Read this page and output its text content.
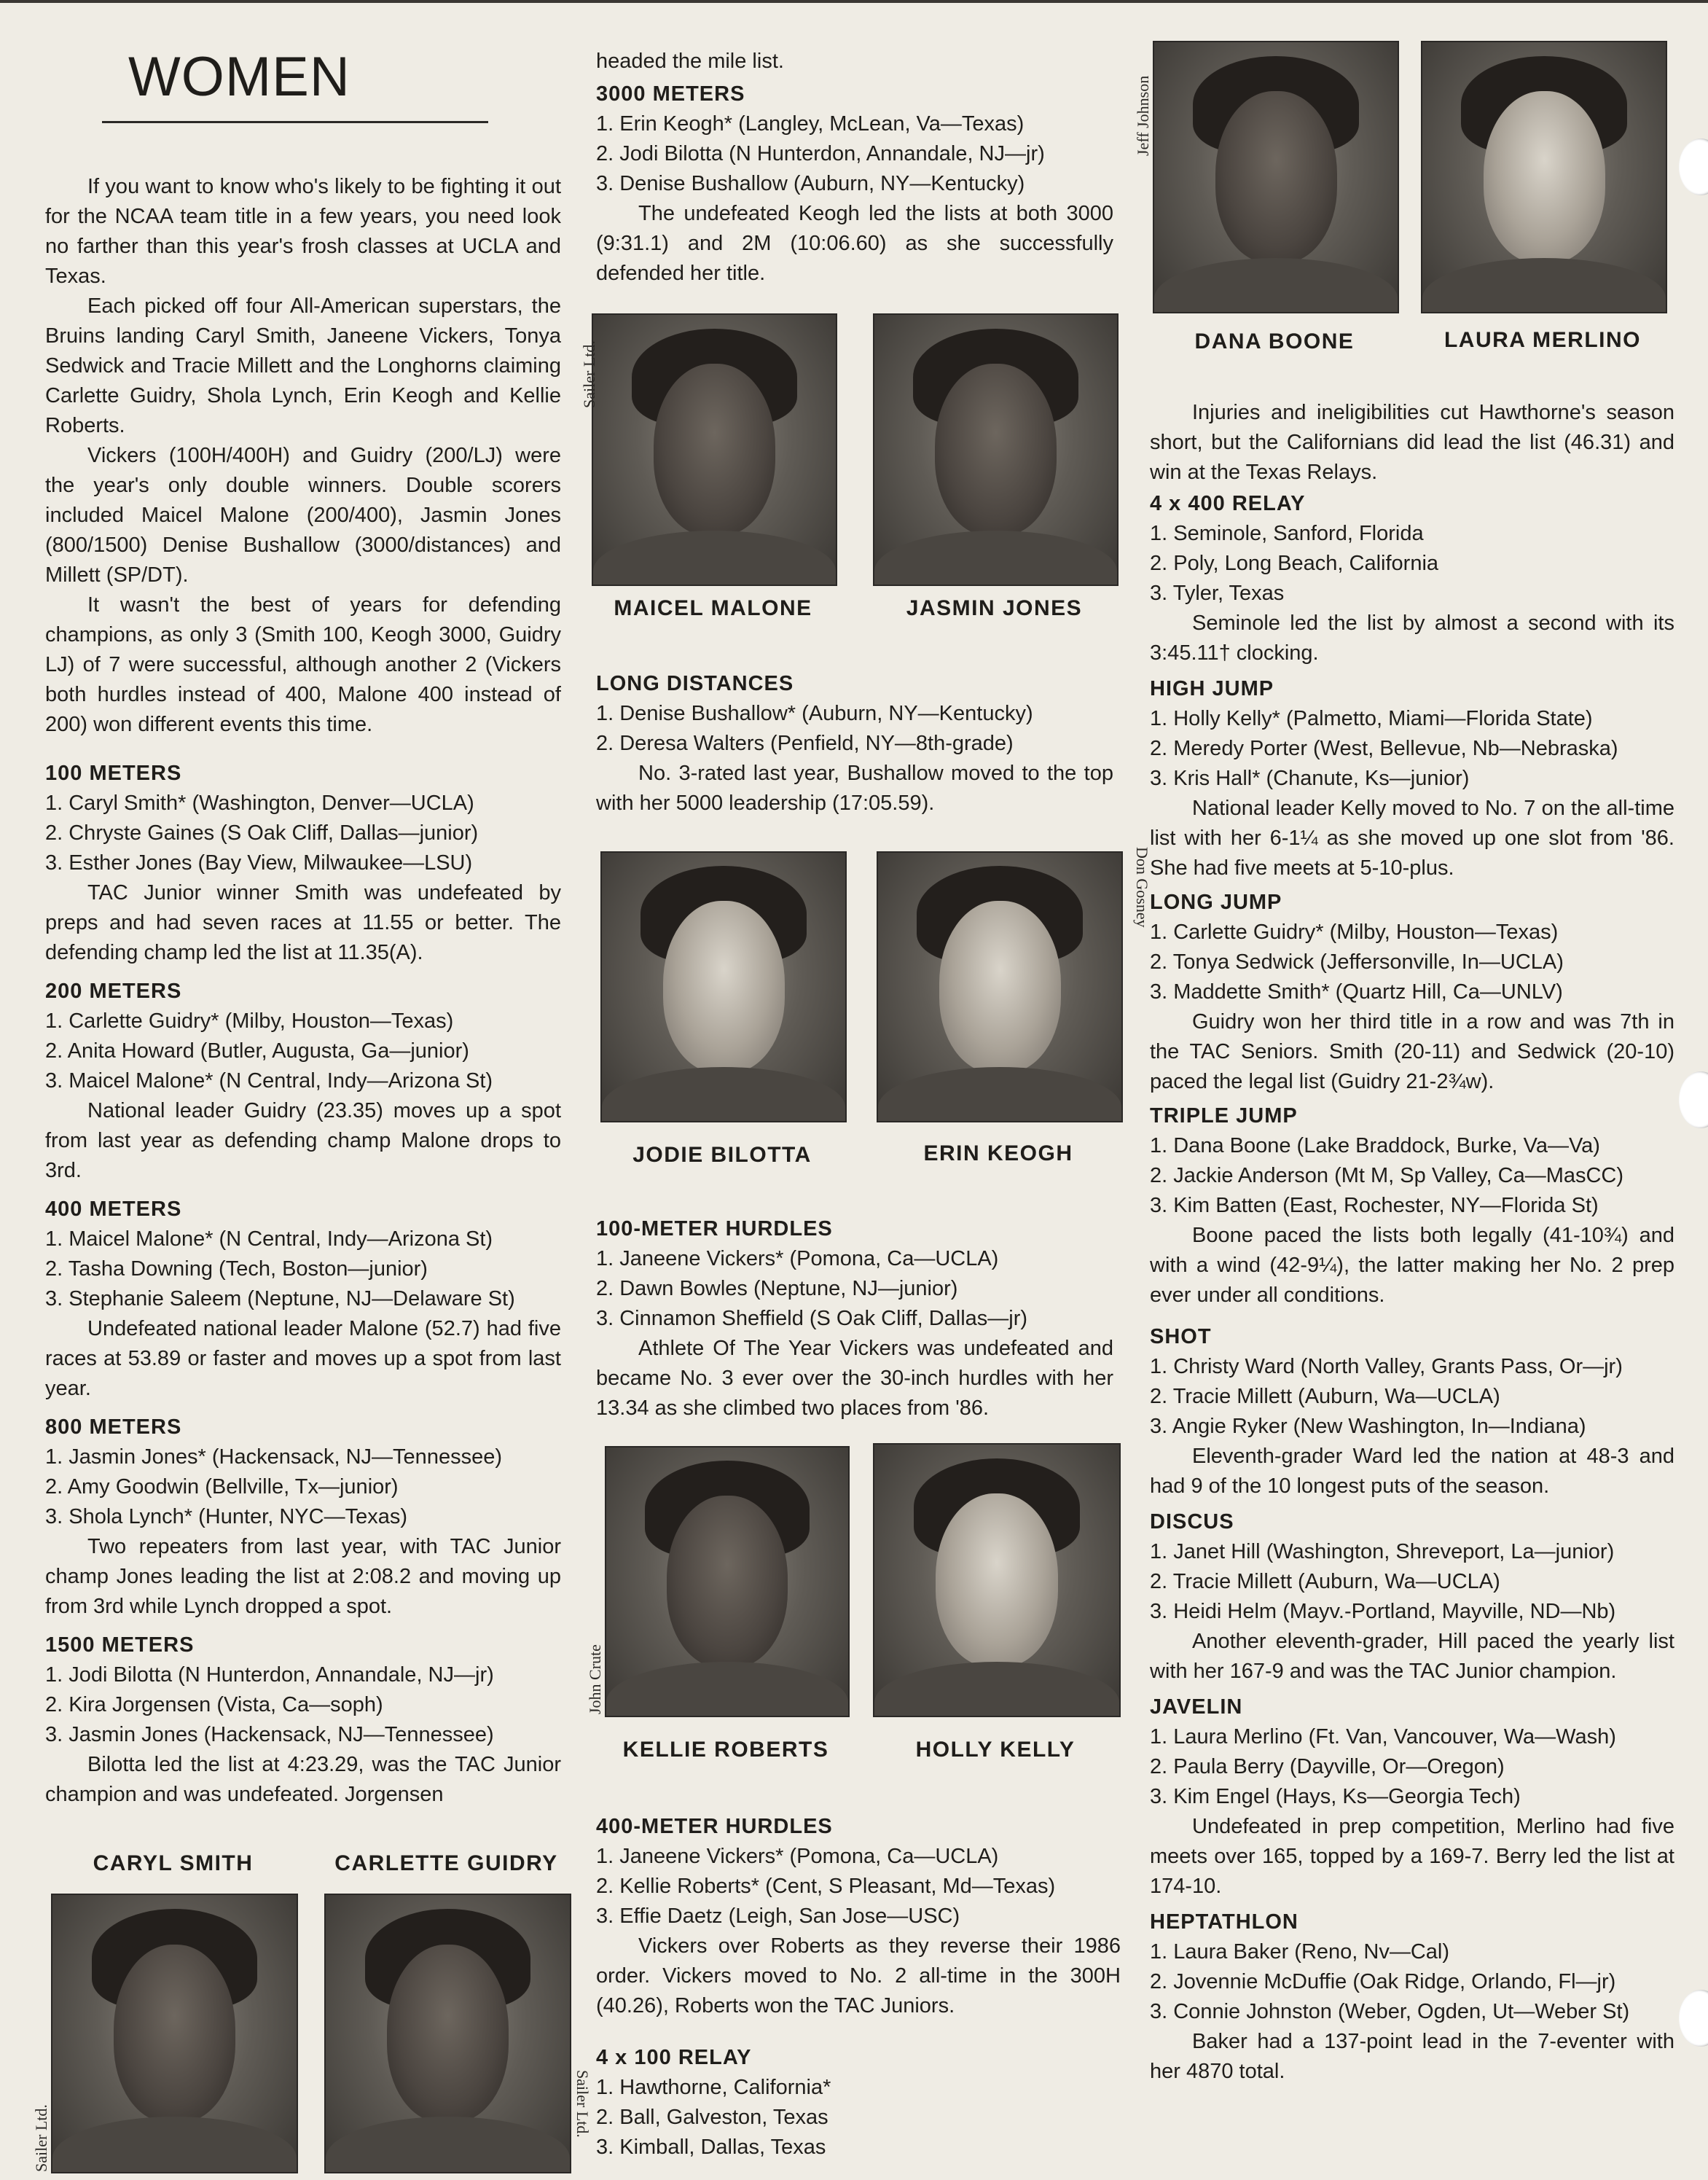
WOMEN

If you want to know who's likely to be fighting it out for the NCAA team title in a few years, you need look no farther than this year's frosh classes at UCLA and Texas.

Each picked off four All-American superstars, the Bruins landing Caryl Smith, Janeene Vickers, Tonya Sedwick and Tracie Millett and the Longhorns claiming Carlette Guidry, Shola Lynch, Erin Keogh and Kellie Roberts.

Vickers (100H/400H) and Guidry (200/LJ) were the year's only double winners. Double scorers included Maicel Malone (200/400), Jasmin Jones (800/1500) Denise Bushallow (3000/distances) and Millett (SP/DT).

It wasn't the best of years for defending champions, as only 3 (Smith 100, Keogh 3000, Guidry LJ) of 7 were successful, although another 2 (Vickers both hurdles instead of 400, Malone 400 instead of 200) won different events this time.

100 METERS

1. Caryl Smith* (Washington, Denver—UCLA)

2. Chryste Gaines (S Oak Cliff, Dallas—junior)

3. Esther Jones (Bay View, Milwaukee—LSU)

TAC Junior winner Smith was undefeated by preps and had seven races at 11.55 or better. The defending champ led the list at 11.35(A).

200 METERS

1. Carlette Guidry* (Milby, Houston—Texas)

2. Anita Howard (Butler, Augusta, Ga—junior)

3. Maicel Malone* (N Central, Indy—Arizona St)

National leader Guidry (23.35) moves up a spot from last year as defending champ Malone drops to 3rd.

400 METERS

1. Maicel Malone* (N Central, Indy—Arizona St)

2. Tasha Downing (Tech, Boston—junior)

3. Stephanie Saleem (Neptune, NJ—Delaware St)

Undefeated national leader Malone (52.7) had five races at 53.89 or faster and moves up a spot from last year.

800 METERS

1. Jasmin Jones* (Hackensack, NJ—Tennessee)

2. Amy Goodwin (Bellville, Tx—junior)

3. Shola Lynch* (Hunter, NYC—Texas)

Two repeaters from last year, with TAC Junior champ Jones leading the list at 2:08.2 and moving up from 3rd while Lynch dropped a spot.

1500 METERS

1. Jodi Bilotta (N Hunterdon, Annandale, NJ—jr)

2. Kira Jorgensen (Vista, Ca—soph)

3. Jasmin Jones (Hackensack, NJ—Tennessee)

Bilotta led the list at 4:23.29, was the TAC Junior champion and was undefeated. Jorgensen

CARYL SMITH	CARLETTE GUIDRY

Sailer Ltd.
Sailer Ltd.

headed the mile list.

3000 METERS

1. Erin Keogh* (Langley, McLean, Va—Texas)

2. Jodi Bilotta (N Hunterdon, Annandale, NJ—jr)

3. Denise Bushallow (Auburn, NY—Kentucky)

The undefeated Keogh led the lists at both 3000 (9:31.1) and 2M (10:06.60) as she successfully defended her title.

Sailer Ltd.

MAICEL MALONE	JASMIN JONES

LONG DISTANCES

1. Denise Bushallow* (Auburn, NY—Kentucky)

2. Deresa Walters (Penfield, NY—8th-grade)

No. 3-rated last year, Bushallow moved to the top with her 5000 leadership (17:05.59).

Don Gosney

JODIE BILOTTA	ERIN KEOGH

100-METER HURDLES

1. Janeene Vickers* (Pomona, Ca—UCLA)

2. Dawn Bowles (Neptune, NJ—junior)

3. Cinnamon Sheffield (S Oak Cliff, Dallas—jr)

Athlete Of The Year Vickers was undefeated and became No. 3 ever over the 30-inch hurdles with her 13.34 as she climbed two places from '86.

John Crute

KELLIE ROBERTS	HOLLY KELLY

400-METER HURDLES

1. Janeene Vickers* (Pomona, Ca—UCLA)

2. Kellie Roberts* (Cent, S Pleasant, Md—Texas)

3. Effie Daetz (Leigh, San Jose—USC)

Vickers over Roberts as they reverse their 1986 order. Vickers moved to No. 2 all-time in the 300H (40.26), Roberts won the TAC Juniors.

4 x 100 RELAY

1. Hawthorne, California*

2. Ball, Galveston, Texas

3. Kimball, Dallas, Texas

Jeff Johnson

DANA BOONE	LAURA MERLINO

Injuries and ineligibilities cut Hawthorne's season short, but the Californians did lead the list (46.31) and win at the Texas Relays.

4 x 400 RELAY

1. Seminole, Sanford, Florida

2. Poly, Long Beach, California

3. Tyler, Texas

Seminole led the list by almost a second with its 3:45.11† clocking.

HIGH JUMP

1. Holly Kelly* (Palmetto, Miami—Florida State)

2. Meredy Porter (West, Bellevue, Nb—Nebraska)

3. Kris Hall* (Chanute, Ks—junior)

National leader Kelly moved to No. 7 on the all-time list with her 6-1¼ as she moved up one slot from '86. She had five meets at 5-10-plus.

LONG JUMP

1. Carlette Guidry* (Milby, Houston—Texas)

2. Tonya Sedwick (Jeffersonville, In—UCLA)

3. Maddette Smith* (Quartz Hill, Ca—UNLV)

Guidry won her third title in a row and was 7th in the TAC Seniors. Smith (20-11) and Sedwick (20-10) paced the legal list (Guidry 21-2¾w).

TRIPLE JUMP

1. Dana Boone (Lake Braddock, Burke, Va—Va)

2. Jackie Anderson (Mt M, Sp Valley, Ca—MasCC)

3. Kim Batten (East, Rochester, NY—Florida St)

Boone paced the lists both legally (41-10¾) and with a wind (42-9¼), the latter making her No. 2 prep ever under all conditions.

SHOT

1. Christy Ward (North Valley, Grants Pass, Or—jr)

2. Tracie Millett (Auburn, Wa—UCLA)

3. Angie Ryker (New Washington, In—Indiana)

Eleventh-grader Ward led the nation at 48-3 and had 9 of the 10 longest puts of the season.

DISCUS

1. Janet Hill (Washington, Shreveport, La—junior)

2. Tracie Millett (Auburn, Wa—UCLA)

3. Heidi Helm (Mayv.-Portland, Mayville, ND—Nb)

Another eleventh-grader, Hill paced the yearly list with her 167-9 and was the TAC Junior champion.

JAVELIN

1. Laura Merlino (Ft. Van, Vancouver, Wa—Wash)

2. Paula Berry (Dayville, Or—Oregon)

3. Kim Engel (Hays, Ks—Georgia Tech)

Undefeated in prep competition, Merlino had five meets over 165, topped by a 169-7. Berry led the list at 174-10.

HEPTATHLON

1. Laura Baker (Reno, Nv—Cal)

2. Jovennie McDuffie (Oak Ridge, Orlando, Fl—jr)

3. Connie Johnston (Weber, Ogden, Ut—Weber St)

Baker had a 137-point lead in the 7-eventer with her 4870 total.
